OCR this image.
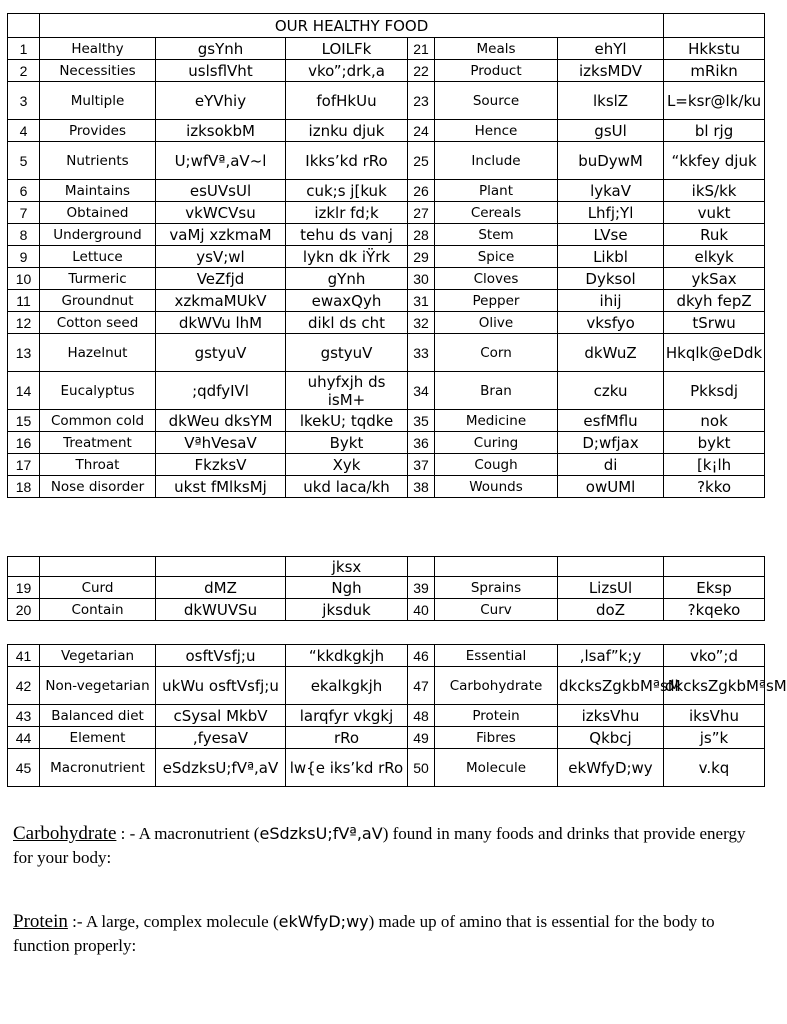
	OUR HEALTHY FOOD						
1	Healthy	gsYnh	LOILFk	21	Meals	ehYl	Hkkstu
2	Necessities	uslsflVht	vko”;drk,a	22	Product	izksMDV	mRikn
3	Multiple	eYVhiy	fofHkUu	23	Source	lkslZ	L=ksr@lk/ku
4	Provides	izksokbM	iznku djuk	24	Hence	gsUl	bl rjg
5	Nutrients	U;wfVª,aV~l	Ikks’kd rRo	25	Include	buDywM	“kkfey djuk
6	Maintains	esUVsUl	cuk;s j[kuk	26	Plant	lykaV	ikS/kk
7	Obtained	vkWCVsu	izklr fd;k	27	Cereals	Lhfj;Yl	vukt
8	Underground	vaMj xzkmaM	tehu ds vanj	28	Stem	LVse	Ruk
9	Lettuce	ysV;wl	lykn dk iŸrk	29	Spice	Likbl	elkyk
10	Turmeric	VeZfjd	gYnh	30	Cloves	Dyksol	ykSax
11	Groundnut	xzkmaMUkV	ewaxQyh	31	Pepper	ihij	dkyh fepZ
12	Cotton seed	dkWVu lhM	dikl ds cht	32	Olive	vksfyo	tSrwu
13	Hazelnut	gstyuV	gstyuV	33	Corn	dkWuZ	Hkqlk@eDdk
14	Eucalyptus	;qdfyIVl	uhyfxjh ds isM+	34	Bran	czku	Pkksdj
15	Common cold	dkWeu dksYM	lkekU; tqdke	35	Medicine	esfMflu	nok
16	Treatment	VªhVesaV	Bykt	36	Curing	D;wfjax	bykt
17	Throat	FkzksV	Xyk	37	Cough	di	[k¡lh
18	Nose disorder	ukst fMlksMj	ukd laca/kh	38	Wounds	owUMl	?kko
			jksx				
19	Curd	dMZ	Ngh	39	Sprains	LizsUl	Eksp
20	Contain	dkWUVSu	jksduk	40	Curv	doZ	?kqeko
41	Vegetarian	osftVsfj;u	“kkdkgkjh	46	Essential	,lsaf”k;y	vko”;d
42	Non-vegetarian	ukWu osftVsfj;u	ekalkgkjh	47	Carbohydrate	dkcksZgkbMªsM	dkcksZgkbMªsM
43	Balanced diet	cSysal MkbV	larqfyr vkgkj	48	Protein	izksVhu	iksVhu
44	Element	,fyesaV	rRo	49	Fibres	Qkbcj	js”k
45	Macronutrient	eSdzksU;fVª,aV	lw{e iks’kd rRo	50	Molecule	ekWfyD;wy	v.kq

Carbohydrate : - A macronutrient (eSdzksU;fVª,aV) found in many foods and drinks that provide energy for your body:

Protein :- A large, complex molecule (ekWfyD;wy) made up of amino that is essential for the body to function properly:
